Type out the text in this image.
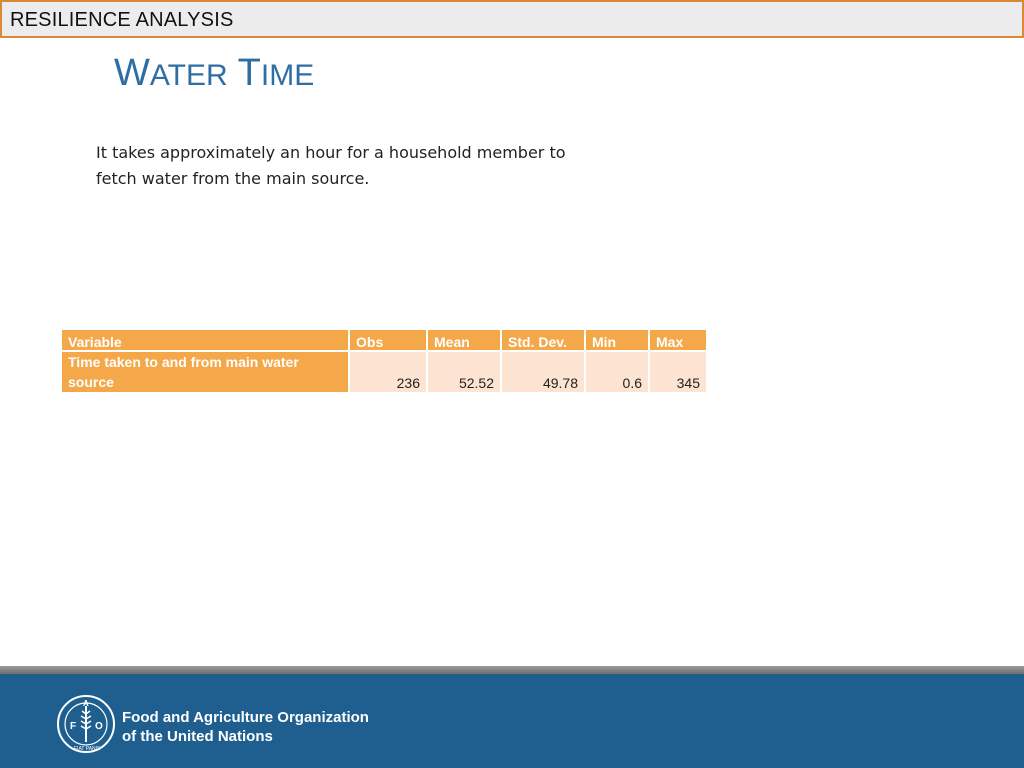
RESILIENCE ANALYSIS
WATER TIME
It takes approximately an hour for a household member to
fetch water from the main source.
Variable	Obs	Mean	Std. Dev.	Min	Max

Time taken to and from main water
source	236	52.52	49.78	0.6	345
F
A
O
FIAT PANIS
Food and Agriculture Organization
of the United Nations
